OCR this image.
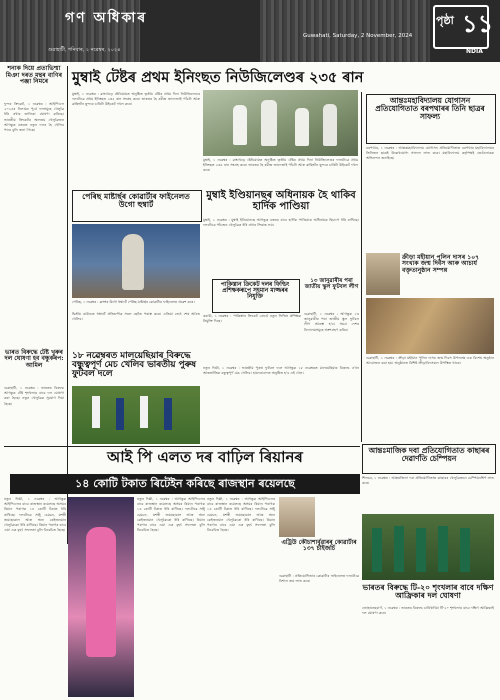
গণ অধিকাৰ
গুৱাহাটী, শনিবাৰ, ২ নৱেম্বৰ, ২০২৪
Guwahati, Saturday, 2 November, 2024
পৃষ্ঠা ১১
NDIA
শনাক দিয়ে প্ৰতাভিশ্মা মিঞা দৰত মন্থৰ বাণিৰ পঞ্জা নিমৰে
ফুন্দৰ ক্ৰিকেট, ১ নৱেম্বৰ : আইপিএল ২০২৫ৰ নিলামৰ পূৰ্বে দলসমূহে খেলুৱৈ ধৰি ৰখাৰ তালিকা ঘোষণা কৰিছে। ভাৰতীয় ক্ৰিকেটৰ অন্যতম খেলুৱৈজন আগন্তুক বতৰত নতুন দলৰ হৈ খেলিব পাৰে বুলি জনা গৈছে।
ভাৰত বিৰুদ্ধে টেষ্ট খুৰুৰ দল ঘোষণা হব বন্ধুকৰপ: আমিল
গুৱাহাটী, ১ নৱেম্বৰ : ভাৰতৰ বিৰুদ্ধে আগন্তুক টেষ্ট শৃংখলাৰ বাবে দল ঘোষণা কৰা হৈছে। নতুন খেলুৱৈক সুযোগ দিয়া হৈছে।
মুম্বাই টেষ্টৰ প্ৰথম ইনিংছত নিউজিলেণ্ডৰ ২৩৫ ৰান
মুম্বাই, ১ নৱেম্বৰ : ৱাংখেড়ে ষ্টেডিয়ামত অনুষ্ঠিত তৃতীয় টেষ্টৰ প্ৰথম দিনা নিউজিলেণ্ডৰ দলটোৱে প্ৰথম ইনিংছত ২৩৫ ৰান সংগ্ৰহ কৰে। ভাৰতৰ হৈ ৰবীন্দ্ৰ জাদেজাই পাঁচটা আৰু ৱাছিংটন ছুন্দৰে চাৰিটা উইকেট দখল কৰে।
মুম্বাই, ১ নৱেম্বৰ : ৱাংখেড়ে ষ্টেডিয়ামত অনুষ্ঠিত তৃতীয় টেষ্টৰ প্ৰথম দিনা নিউজিলেণ্ডৰ দলটোৱে প্ৰথম ইনিংছত ২৩৫ ৰান সংগ্ৰহ কৰে। ভাৰতৰ হৈ ৰবীন্দ্ৰ জাদেজাই পাঁচটা আৰু ৱাছিংটন ছুন্দৰে চাৰিটা উইকেট দখল কৰে।
আন্তঃমহাবিদ্যালয় যোগাসন প্ৰতিযোগিতাত বৰপথাৰৰ তিনি ছাত্ৰৰ সাফল্য
বৰপথাৰ, ১ নৱেম্বৰ : আন্তঃমহাবিদ্যালয় যোগাসন প্ৰতিযোগিতাত বৰপথাৰ মহাবিদ্যালয়ৰ তিনিজন ছাত্ৰই উল্লেখযোগ্য সাফল্য লাভ কৰে। মহাবিদ্যালয় কৰ্তৃপক্ষই তেওঁলোকক অভিনন্দন জনাইছে।
ক্ৰীড়া মহীয়ান পুলিন দাসৰ ১০৭ সংখ্যক জন্ম দিবস আৰু আচাৰ্য বক্তৃতানুষ্ঠান সম্পন্ন
গুৱাহাটী, ১ নৱেম্বৰ : ক্ৰীড়া মহীয়ান পুলিন দাসৰ জন্ম দিবস উপলক্ষে এক বিশেষ অনুষ্ঠান আয়োজন কৰা হয়। অনুষ্ঠানত বিশিষ্ট ক্ৰীড়াবিদসকল উপস্থিত থাকে।
পেৰিছ মাষ্টাৰ্ছৰ কোৱাৰ্টাৰ ফাইনেলত উগো হুম্বাৰ্ট
পেৰিছ, ১ নৱেম্বৰ : ফ্ৰান্সৰ উগো হুম্বাৰ্টে পেৰিছ মাষ্টাৰ্ছৰ কোৱাৰ্টাৰ ফাইনেলত প্ৰৱেশ কৰে।
দ্বিতীয় ৰাউণ্ডত হুম্বাৰ্টে প্ৰতিদ্বন্দীক সৰল ছেটত পৰাস্ত কৰে। এতিয়া তেওঁ শেষ আঠত খেলিব।
মুম্বাই ইণ্ডিয়ানছৰ অধিনায়ক হৈ থাকিব হাৰ্দিক পাণ্ডিয়া
মুম্বাই, ১ নৱেম্বৰ : মুম্বাই ইণ্ডিয়ানছে আগন্তুক বতৰৰ বাবে হাৰ্দিক পাণ্ডিয়াক অধিনায়ক হিচাপে ধৰি ৰাখিছে। দলটোৱে পাঁচজন খেলুৱৈক ধৰি ৰখাৰ সিদ্ধান্ত লয়।
পাকিস্তান ক্ৰিকেট দলৰ ফিল্ডিং প্ৰশিক্ষকৰূপে সহমান মাজ্জৰৰ নিযুক্তি
কৰাচী, ১ নৱেম্বৰ : পাকিস্তান ক্ৰিকেট বোৰ্ডে নতুন ফিল্ডিং প্ৰশিক্ষক নিযুক্তি দিছে।
১৩ জানুৱাৰীৰ পৰা জাতীয় স্কুল ফুটবল লীগ
গুৱাহাটী, ১ নৱেম্বৰ : আগন্তুক ১৩ জানুৱাৰীৰ পৰা জাতীয় স্কুল ফুটবল লীগ আৰম্ভ হ'ব। সমগ্ৰ দেশৰ বিদ্যালয়সমূহে অংশগ্ৰহণ কৰিব।
১৮ নৱেম্বৰত মালয়েছিয়াৰ বিৰুদ্ধে বন্ধুত্বপূৰ্ণ মেচ খেলিব ভাৰতীয় পুৰুষ ফুটবল দলে
নতুন দিল্লী, ১ নৱেম্বৰ : ভাৰতীয় পুৰুষ ফুটবল দলে আগন্তুক ১৮ নৱেম্বৰত মালয়েছিয়াৰ বিৰুদ্ধে এখন আন্তৰ্জাতিক বন্ধুত্বপূৰ্ণ মেচ খেলিব। হায়দৰাবাদত অনুষ্ঠিত হ'ব এই খেল।
আন্তঃমাজিক দবা প্ৰতিযোগিতাত কাছাৰৰ দেৱাৰ্ণতি চেম্পিয়ন
শিলচৰ, ১ নৱেম্বৰ : আন্তঃজিলা দবা প্ৰতিযোগিতাত কাছাৰৰ খেলুৱৈজনে চেম্পিয়নশ্বিপ লাভ কৰে।
আই পি এলত দৰ বাঢ়িল ৰিয়ানৰ
১৪ কোটি টকাত ৰিটেইন কৰিছে ৰাজস্থান ৰয়েলছে
নতুন দিল্লী, ১ নৱেম্বৰ : আগন্তুক আইপিএলৰ বাবে ৰাজস্থান ৰয়েলছে অসমৰ ৰিয়ান পৰাগক ১৪ কোটি টকাত ধৰি ৰাখিছে। দলটোৱে সঞ্জু চেমচন, যশস্বী জয়ছোৱাল আৰু অন্য কেইজনমান খেলুৱৈকো ধৰি ৰাখিছে। ৰিয়ান পৰাগৰ বাবে এয়া এক বৃহৎ সফলতা বুলি বিবেচিত হৈছে।
নতুন দিল্লী, ১ নৱেম্বৰ : আগন্তুক আইপিএলৰ বাবে ৰাজস্থান ৰয়েলছে অসমৰ ৰিয়ান পৰাগক ১৪ কোটি টকাত ধৰি ৰাখিছে। দলটোৱে সঞ্জু চেমচন, যশস্বী জয়ছোৱাল আৰু অন্য কেইজনমান খেলুৱৈকো ধৰি ৰাখিছে। ৰিয়ান পৰাগৰ বাবে এয়া এক বৃহৎ সফলতা বুলি বিবেচিত হৈছে।
নতুন দিল্লী, ১ নৱেম্বৰ : আগন্তুক আইপিএলৰ বাবে ৰাজস্থান ৰয়েলছে অসমৰ ৰিয়ান পৰাগক ১৪ কোটি টকাত ধৰি ৰাখিছে। দলটোৱে সঞ্জু চেমচন, যশস্বী জয়ছোৱাল আৰু অন্য কেইজনমান খেলুৱৈকো ধৰি ৰাখিছে। ৰিয়ান পৰাগৰ বাবে এয়া এক বৃহৎ সফলতা বুলি বিবেচিত হৈছে।
এট্ৰিউ কৌচাশাৰ্বুৱাৰৰ কোৱাৰ্টাৰ ১৩৭ চাইজৰ্চি
গুৱাহাটী : প্ৰতিযোগিতাৰ কোৱাৰ্টাৰ ফাইনেলত দলটোৱে বিশাল জয় লাভ কৰে।
ভাৰতৰ বিৰুদ্ধে টি-২০ শৃংখলাৰ বাবে দক্ষিণ আফ্ৰিকাৰ দল ঘোষণা
জোহানেছবাৰ্গ, ১ নৱেম্বৰ : ভাৰতৰ বিৰুদ্ধে চাৰিখনীয়া টি-২০ শৃংখলাৰ বাবে দক্ষিণ আফ্ৰিকাই দল ঘোষণা কৰে।
